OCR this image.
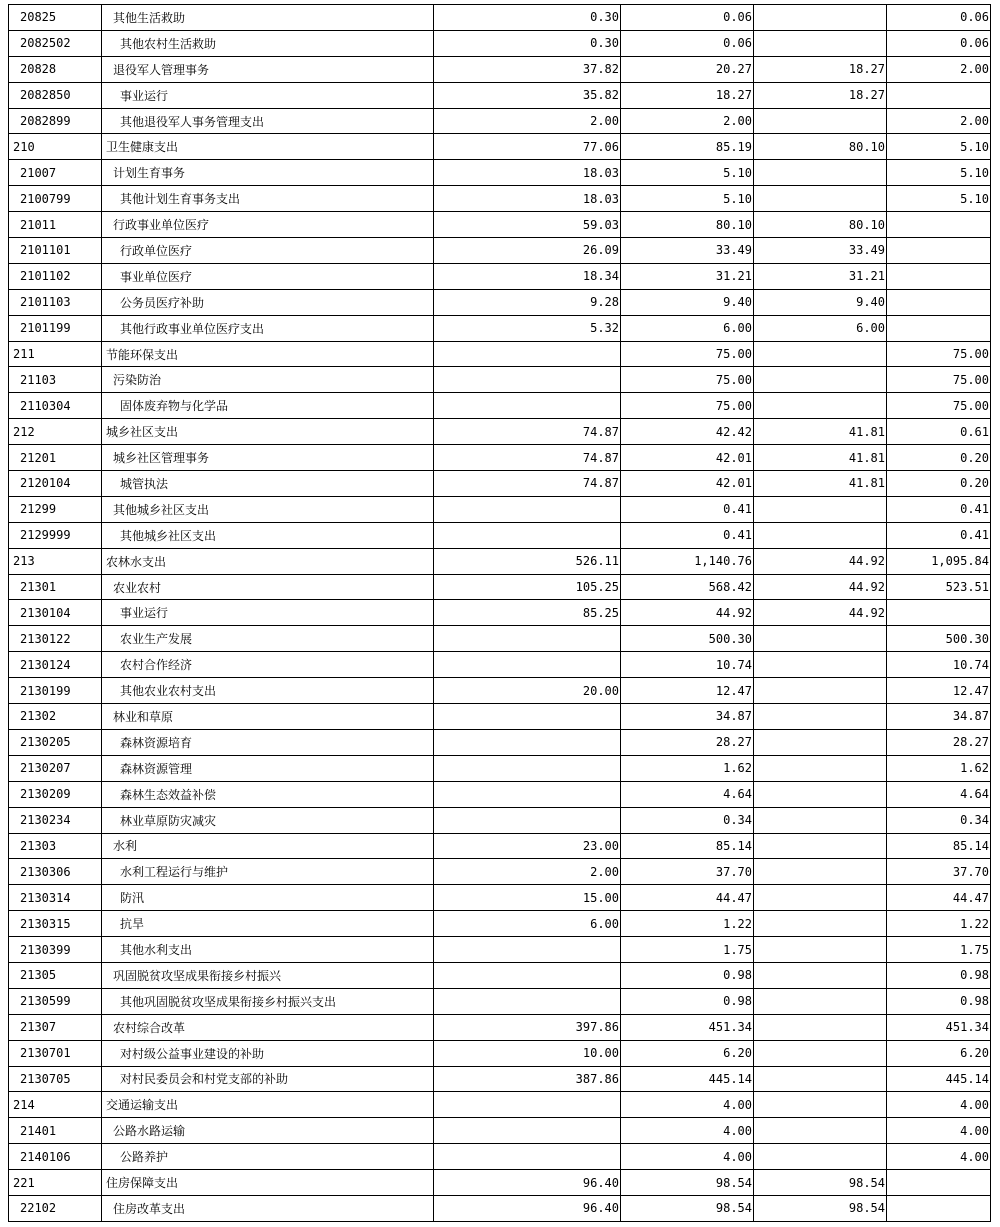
20825	其他生活救助	0.30	0.06		0.06
2082502	其他农村生活救助	0.30	0.06		0.06
20828	退役军人管理事务	37.82	20.27	18.27	2.00
2082850	事业运行	35.82	18.27	18.27	
2082899	其他退役军人事务管理支出	2.00	2.00		2.00
210	卫生健康支出	77.06	85.19	80.10	5.10
21007	计划生育事务	18.03	5.10		5.10
2100799	其他计划生育事务支出	18.03	5.10		5.10
21011	行政事业单位医疗	59.03	80.10	80.10	
2101101	行政单位医疗	26.09	33.49	33.49	
2101102	事业单位医疗	18.34	31.21	31.21	
2101103	公务员医疗补助	9.28	9.40	9.40	
2101199	其他行政事业单位医疗支出	5.32	6.00	6.00	
211	节能环保支出		75.00		75.00
21103	污染防治		75.00		75.00
2110304	固体废弃物与化学品		75.00		75.00
212	城乡社区支出	74.87	42.42	41.81	0.61
21201	城乡社区管理事务	74.87	42.01	41.81	0.20
2120104	城管执法	74.87	42.01	41.81	0.20
21299	其他城乡社区支出		0.41		0.41
2129999	其他城乡社区支出		0.41		0.41
213	农林水支出	526.11	1,140.76	44.92	1,095.84
21301	农业农村	105.25	568.42	44.92	523.51
2130104	事业运行	85.25	44.92	44.92	
2130122	农业生产发展		500.30		500.30
2130124	农村合作经济		10.74		10.74
2130199	其他农业农村支出	20.00	12.47		12.47
21302	林业和草原		34.87		34.87
2130205	森林资源培育		28.27		28.27
2130207	森林资源管理		1.62		1.62
2130209	森林生态效益补偿		4.64		4.64
2130234	林业草原防灾减灾		0.34		0.34
21303	水利	23.00	85.14		85.14
2130306	水利工程运行与维护	2.00	37.70		37.70
2130314	防汛	15.00	44.47		44.47
2130315	抗旱	6.00	1.22		1.22
2130399	其他水利支出		1.75		1.75
21305	巩固脱贫攻坚成果衔接乡村振兴		0.98		0.98
2130599	其他巩固脱贫攻坚成果衔接乡村振兴支出		0.98		0.98
21307	农村综合改革	397.86	451.34		451.34
2130701	对村级公益事业建设的补助	10.00	6.20		6.20
2130705	对村民委员会和村党支部的补助	387.86	445.14		445.14
214	交通运输支出		4.00		4.00
21401	公路水路运输		4.00		4.00
2140106	公路养护		4.00		4.00
221	住房保障支出	96.40	98.54	98.54	
22102	住房改革支出	96.40	98.54	98.54	
